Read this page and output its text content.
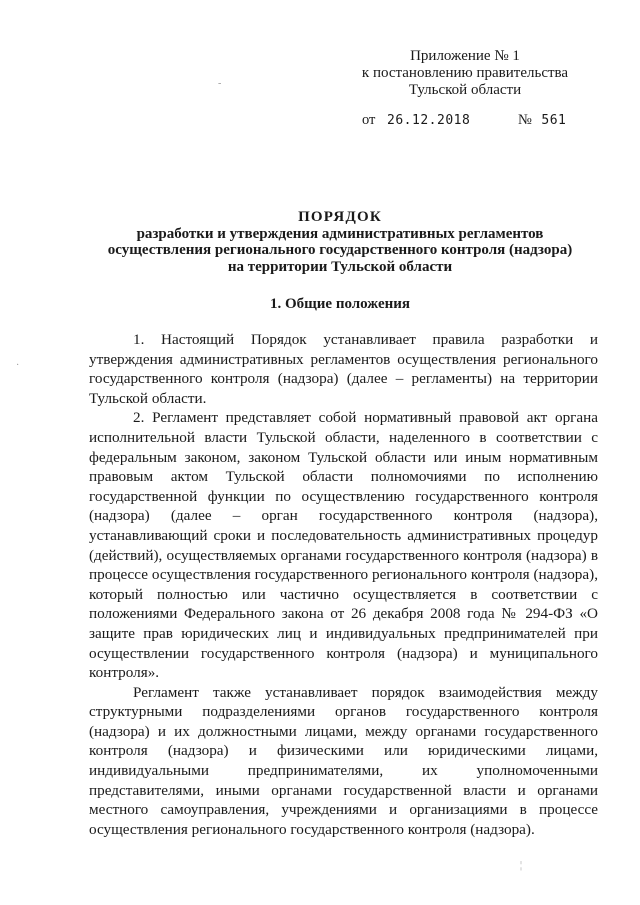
Приложение № 1
к постановлению правительства
Тульской области
от 26.12.2018	№ 561
ПОРЯДОК
разработки и утверждения административных регламентов
осуществления регионального государственного контроля (надзора)
на территории Тульской области
1. Общие положения

1. Настоящий Порядок устанавливает правила разработки и утверждения административных регламентов осуществления регионального государственного контроля (надзора) (далее – регламенты) на территории Тульской области.

2. Регламент представляет собой нормативный правовой акт органа исполнительной власти Тульской области, наделенного в соответствии с федеральным законом, законом Тульской области или иным нормативным правовым актом Тульской области полномочиями по исполнению государственной функции по осуществлению государственного контроля (надзора) (далее – орган государственного контроля (надзора), устанавливающий сроки и последовательность административных процедур (действий), осуществляемых органами государственного контроля (надзора) в процессе осуществления государственного регионального контроля (надзора), который полностью или частично осуществляется в соответствии с положениями Федерального закона от 26 декабря 2008 года № 294-ФЗ «О защите прав юридических лиц и индивидуальных предпринимателей при осуществлении государственного контроля (надзора) и муниципального контроля».

Регламент также устанавливает порядок взаимодействия между структурными подразделениями органов государственного контроля (надзора) и их должностными лицами, между органами государственного контроля (надзора) и физическими или юридическими лицами, индивидуальными предпринимателями, их уполномоченными представителями, иными органами государственной власти и органами местного самоуправления, учреждениями и организациями в процессе осуществления регионального государственного контроля (надзора).

-
·
¦
